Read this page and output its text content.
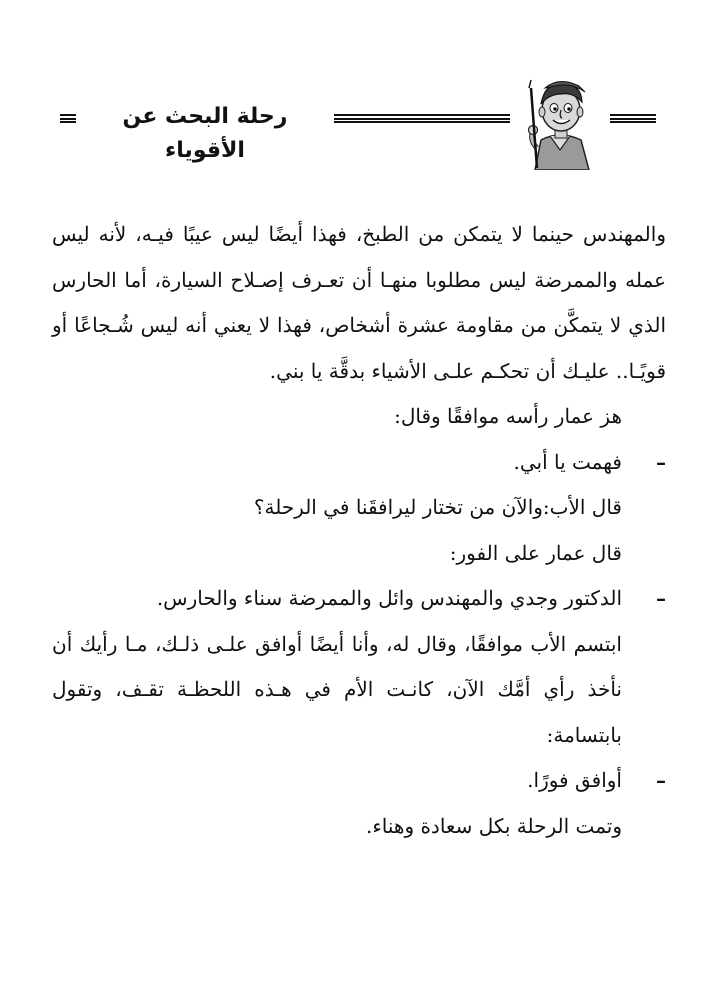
رحلة البحث عن الأقوياء

والمهندس حينما لا يتمكن من الطبخ، فهذا أيضًا ليس عيبًا فيـه، لأنه ليس عمله والممرضة ليس مطلوبا منهـا أن تعـرف إصـلاح السيارة، أما الحارس الذي لا يتمكَّن من مقاومة عشرة أشخاص، فهذا لا يعني أنه ليس شُـجاعًا أو قويًـا.. عليـك أن تحكـم علـى الأشياء بدقَّة يا بني.

هز عمار رأسه موافقًا وقال:

–
فهمت يا أبي.

قال الأب:والآن من تختار ليرافقَنا في الرحلة؟

قال عمار على الفور:

–
الدكتور وجدي والمهندس وائل والممرضة سناء والحارس.

ابتسم الأب موافقًا، وقال له، وأنا أيضًا أوافق علـى ذلـك، مـا رأيك أن نأخذ رأي أمَّك الآن، كانـت الأم في هـذه اللحظـة تقـف، وتقول بابتسامة:

–
أوافق فورًا.

وتمت الرحلة بكل سعادة وهناء.
